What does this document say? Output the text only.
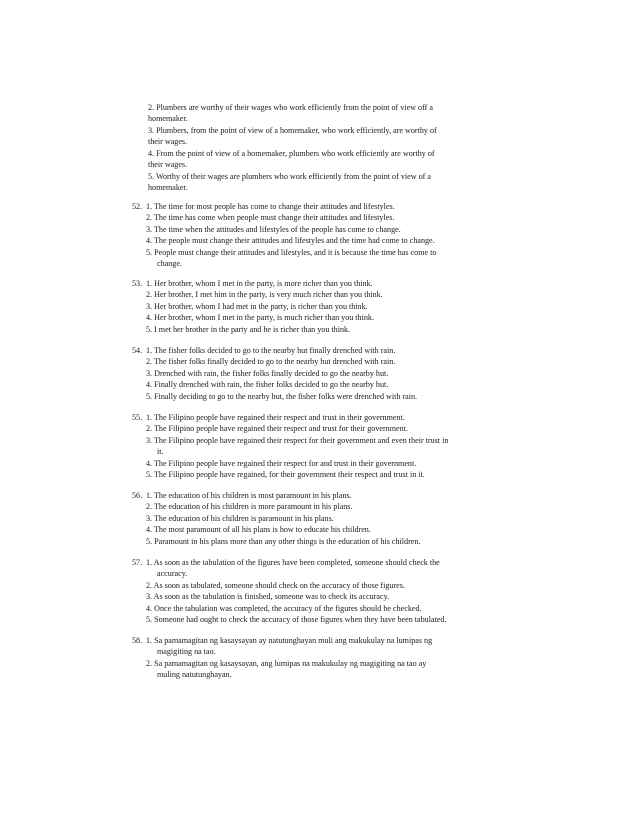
2. Plumbers are worthy of their wages who work efficiently from the point of view off a
homemaker.
3. Plumbers, from the point of view of a homemaker, who work efficiently, are worthy of
their wages.
4. From the point of view of a homemaker, plumbers who work efficiently are worthy of
their wages.
5. Worthy of their wages are plumbers who work efficiently from the point of view of a
homemaker.
52. 1. The time for most people has come to change their attitudes and lifestyles.
2. The time has come when people must change their attitudes and lifestyles.
3. The time when the attitudes and lifestyles of the people has come to change.
4. The people must change their attitudes and lifestyles and the time had come to change.
5. People must change their attitudes and lifestyles, and it is because the time has come to
change.
53. 1. Her brother, whom I met in the party, is more richer than you think.
2. Her brother, I met him in the party, is very much richer than you think.
3. Her brother, whom I had met in the party, is richer than you think.
4. Her brother, whom I met in the party, is much richer than you think.
5. I met her brother in the party and he is richer than you think.
54. 1. The fisher folks decided to go to the nearby hut finally drenched with rain.
2. The fisher folks finally decided to go to the nearby hut drenched with rain.
3. Drenched with rain, the fisher folks finally decided to go the nearby hut.
4. Finally drenched with rain, the fisher folks decided to go the nearby hut.
5. Finally deciding to go to the nearby hut, the fisher folks were drenched with rain.
55. 1. The Filipino people have regained their respect and trust in their government.
2. The Filipino people have regained their respect and trust for their government.
3. The Filipino people have regained their respect for their government and even their trust in
it.
4. The Filipino people have regained their respect for and trust in their government.
5. The Filipino people have regained, for their government their respect and trust in it.
56. 1. The education of his children is most paramount in his plans.
2. The education of his children is more paramount in his plans.
3. The education of his children is paramount in his plans.
4. The most paramount of all his plans is how to educate his children.
5. Paramount in his plans more than any other things is the education of his children.
57. 1. As soon as the tabulation of the figures have been completed, someone should check the
accuracy.
2. As soon as tabulated, someone should check on the accuracy of those figures.
3. As soon as the tabulation is finished, someone was to check its accuracy.
4. Once the tabulation was completed, the accuracy of the figures should be checked.
5. Someone had ought to check the accuracy of those figures when they have been tabulated.
58. 1. Sa pamamagitan ng kasaysayan ay natutunghayan muli ang makukulay na lumipas ng
magigiting na tao.
2. Sa pamamagitan ng kasaysayan, ang lumipas na makukulay ng magigiting na tao ay
muling natutunghayan.
